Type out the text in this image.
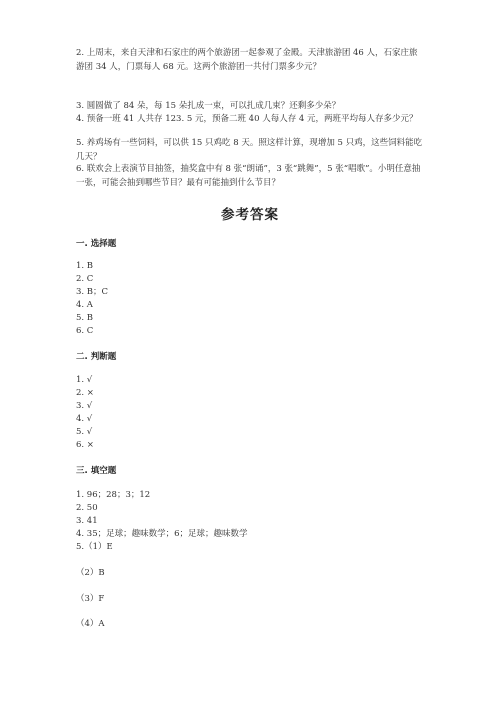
2. 上周末，来自天津和石家庄的两个旅游团一起参观了金殿。天津旅游团 46 人，石家庄旅游团 34 人，门票每人 68 元。这两个旅游团一共付门票多少元？

3. 圆圆做了 84 朵，每 15 朵扎成一束，可以扎成几束？还剩多少朵？

4. 预备一班 41 人共存 123. 5 元，预备二班 40 人每人存 4 元，两班平均每人存多少元？

5. 养鸡场有一些饲料，可以供 15 只鸡吃 8 天。照这样计算，现增加 5 只鸡，这些饲料能吃几天？

6. 联欢会上表演节目抽签，抽奖盒中有 8 张“朗诵”，3 张“跳舞”，5 张“唱歌”。小明任意抽一张，可能会抽到哪些节目？最有可能抽到什么节目？

参考答案
一. 选择题
1. B
2. C
3. B；C
4. A
5. B
6. C
二. 判断题
1. √
2. ×
3. √
4. √
5. √
6. ×
三. 填空题
1. 96；28；3；12
2. 50
3. 41
4. 35；足球；趣味数学；6；足球；趣味数学
5.（1）E
（2）B
（3）F
（4）A
